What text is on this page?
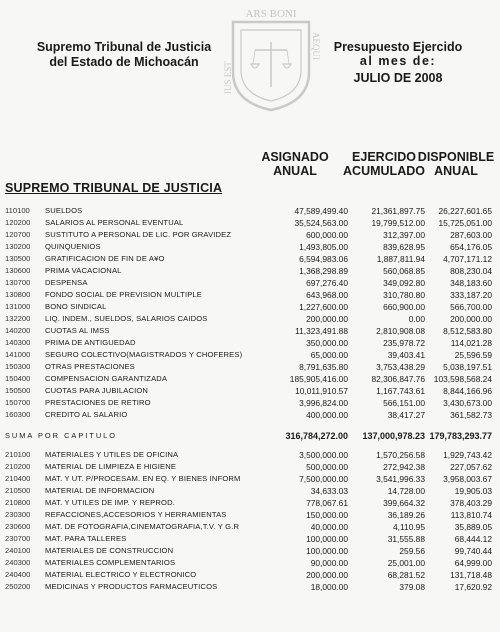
Supremo Tribunal de Justicia
del Estado de Michoacán
ARS BONI
IUS EST
AEQUI	Presupuesto Ejercido
al mes de:
JULIO DE 2008
ASIGNADO
ANUAL
EJERCIDO
ACUMULADO
DISPONIBLE
ANUAL
SUPREMO TRIBUNAL DE JUSTICIA
110100 SUELDOS	47,589,499.40	21,361,897.75 26,227,601.65
120200 SALARIOS AL PERSONAL EVENTUAL	35,524,563.00	19,799,512.00 15,725,051.00
120700 SUSTITUTO A PERSONAL DE LIC. POR GRAVIDEZ	600,000.00	312,397.00	287,603.00
130200 QUINQUENIOS	1,493,805.00	839,628.95	654,176.05
130500 GRATIFICACION DE FIN DE A¥O	6,594,983.06	1,887,811.94 4,707,171.12
130600 PRIMA VACACIONAL	1,368,298.89	560,068.85	808,230.04
130700 DESPENSA	697,276.40	349,092.80	348,183.60
130800 FONDO SOCIAL DE PREVISION MULTIPLE	643,968.00	310,780.80	333,187.20
131000 BONO SINDICAL	1,227,600.00	660,900.00	566,700.00
132200 LIQ. INDEM., SUELDOS, SALARIOS CAIDOS	200,000.00	0.00	200,000.00
140200 CUOTAS AL IMSS	11,323,491.88	2,810,908.08 8,512,583.80
140300 PRIMA DE ANTIGUEDAD	350,000.00	235,978.72	114,021.28
141000 SEGURO COLECTIVO(MAGISTRADOS Y CHOFERES)	65,000.00	39,403.41	25,596.59
150300 OTRAS PRESTACIONES	8,791,635.80	3,753,438.29 5,038,197.51
150400 COMPENSACION GARANTIZADA	185,905,416.00	82,306,847.76 103,598,568.24
150500 CUOTAS PARA JUBILACION	10,011,910.57	1,167,743.61 8,844,166.96
150700 PRESTACIONES DE RETIRO	3,996,824.00	566,151.00 3,430,673.00
160300 CREDITO AL SALARIO	400,000.00	38,417.27	361,582.73
SUMA POR CAPITULO	316,784,272.00 137,000,978.23 179,783,293.77
210100 MATERIALES Y UTILES DE OFICINA	3,500,000.00	1,570,256.58 1,929,743.42
210200 MATERIAL DE LIMPIEZA E HIGIENE	500,000.00	272,942.38	227,057.62
210400 MAT. Y UT. P/PROCESAM. EN EQ. Y BIENES INFORM	7,500,000.00	3,541,996.33 3,958,003.67
210500 MATERIAL DE INFORMACION	34,633.03	14,728.00	19,905.03
210800 MAT. Y UTILES DE IMP. Y REPROD.	778,067.61	399,664.32	378,403.29
230300 REFACCIONES,ACCESORIOS Y HERRAMIENTAS	150,000.00	36,189.26	113,810.74
230600 MAT. DE FOTOGRAFIA,CINEMATOGRAFIA,T.V. Y G.R	40,000.00	4,110.95	35,889.05
230700 MAT. PARA TALLERES	100,000.00	31,555.88	68,444.12
240100 MATERIALES DE CONSTRUCCION	100,000.00	259.56	99,740.44
240300 MATERIALES COMPLEMENTARIOS	90,000.00	25,001.00	64,999.00
240400 MATERIAL ELECTRICO Y ELECTRONICO	200,000.00	68,281.52	131,718.48
250200 MEDICINAS Y PRODUCTOS FARMACEUTICOS	18,000.00	379.08	17,620.92
